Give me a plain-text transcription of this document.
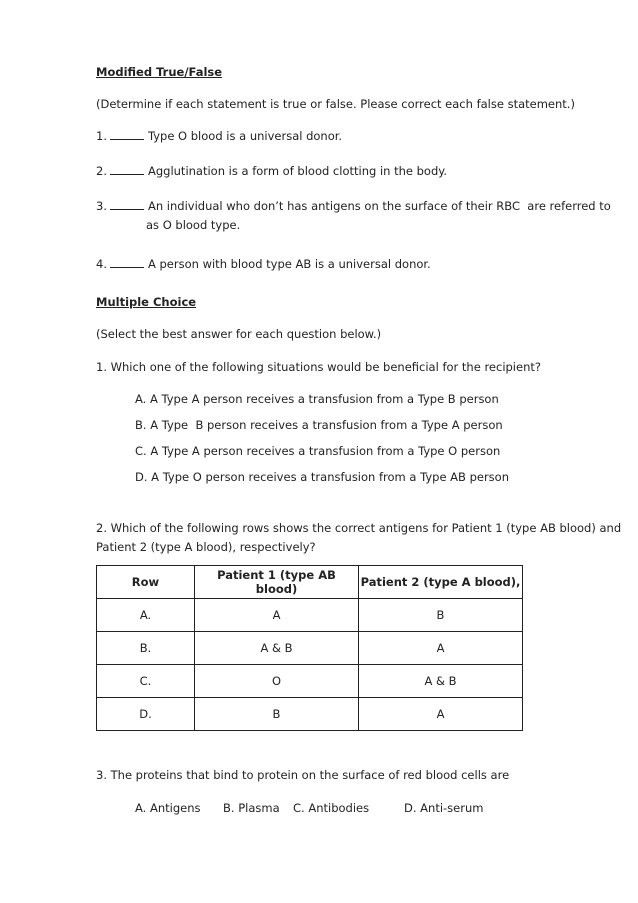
Modified True/False
(Determine if each statement is true or false. Please correct each false statement.)
1.	Type O blood is a universal donor.
2.	Agglutination is a form of blood clotting in the body.
3.	An individual who don’t has antigens on the surface of their RBC  are referred to
as O blood type.
4.	A person with blood type AB is a universal donor.
Multiple Choice
(Select the best answer for each question below.)
1. Which one of the following situations would be beneficial for the recipient?
A. A Type A person receives a transfusion from a Type B person
B. A Type  B person receives a transfusion from a Type A person
C. A Type A person receives a transfusion from a Type O person
D. A Type O person receives a transfusion from a Type AB person
2. Which of the following rows shows the correct antigens for Patient 1 (type AB blood) and
Patient 2 (type A blood), respectively?
Row	Patient 1 (type AB blood)	Patient 2 (type A blood),
A.	A	B
B.	A & B	A
C.	O	A & B
D.	B	A
3. The proteins that bind to protein on the surface of red blood cells are
A. Antigens B. Plasma C. Antibodies	D. Anti-serum
